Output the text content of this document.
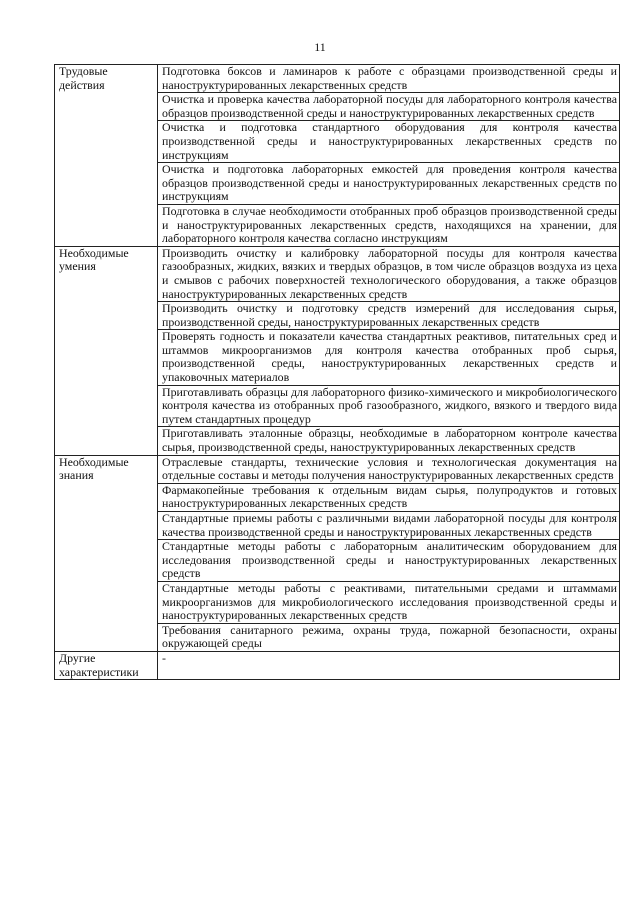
11
Трудовые действия	Подготовка боксов и ламинаров к работе с образцами производственной среды и наноструктурированных лекарственных средств
	Очистка и проверка качества лабораторной посуды для лабораторного контроля качества образцов производственной среды и наноструктурированных лекарственных средств
	Очистка и подготовка стандартного оборудования для контроля качества производственной среды и наноструктурированных лекарственных средств по инструкциям
	Очистка и подготовка лабораторных емкостей для проведения контроля качества образцов производственной среды и наноструктурированных лекарственных средств по инструкциям
	Подготовка в случае необходимости отобранных проб образцов производственной среды и наноструктурированных лекарственных средств, находящихся на хранении, для лабораторного контроля качества согласно инструкциям
Необходимые умения	Производить очистку и калибровку лабораторной посуды для контроля качества газообразных, жидких, вязких и твердых образцов, в том числе образцов воздуха из цеха и смывов с рабочих поверхностей технологического оборудования, а также образцов наноструктурированных лекарственных средств
	Производить очистку и подготовку средств измерений для исследования сырья, производственной среды, наноструктурированных лекарственных средств
	Проверять годность и показатели качества стандартных реактивов, питательных сред и штаммов микроорганизмов для контроля качества отобранных проб сырья, производственной среды, наноструктурированных лекарственных средств и упаковочных материалов
	Приготавливать образцы для лабораторного физико-химического и микробиологического контроля качества из отобранных проб газообразного, жидкого, вязкого и твердого вида путем стандартных процедур
	Приготавливать эталонные образцы, необходимые в лабораторном контроле качества сырья, производственной среды, наноструктурированных лекарственных средств
Необходимые знания	Отраслевые стандарты, технические условия и технологическая документация на отдельные составы и методы получения наноструктурированных лекарственных средств
	Фармакопейные требования к отдельным видам сырья, полупродуктов и готовых наноструктурированных лекарственных средств
	Стандартные приемы работы с различными видами лабораторной посуды для контроля качества производственной среды и наноструктурированных лекарственных средств
	Стандартные методы работы с лабораторным аналитическим оборудованием для исследования производственной среды и наноструктурированных лекарственных средств
	Стандартные методы работы с реактивами, питательными средами и штаммами микроорганизмов для микробиологического исследования производственной среды и наноструктурированных лекарственных средств
	Требования санитарного режима, охраны труда, пожарной безопасности, охраны окружающей среды
Другие характеристики	-
